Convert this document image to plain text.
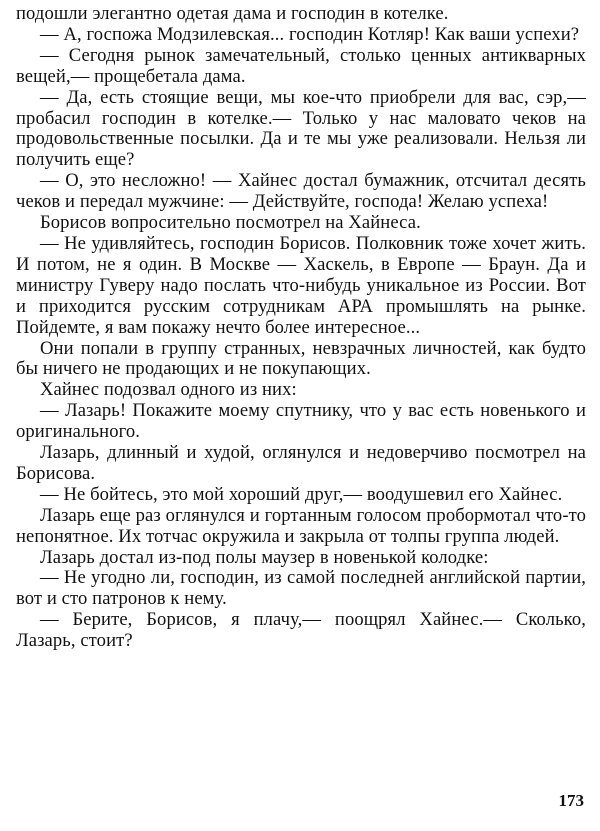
подошли элегантно одетая дама и господин в котелке.

— А, госпожа Модзилевская... господин Котляр! Как ваши успехи?

— Сегодня рынок замечательный, столько ценных антикварных вещей,— прощебетала дама.

— Да, есть стоящие вещи, мы кое-что приобрели для вас, сэр,— пробасил господин в котелке.— Только у нас маловато чеков на продовольственные посылки. Да и те мы уже реализовали. Нельзя ли получить еще?

— О, это несложно! — Хайнес достал бумажник, отсчитал десять чеков и передал мужчине: — Действуйте, господа! Желаю успеха!

Борисов вопросительно посмотрел на Хайнеса.

— Не удивляйтесь, господин Борисов. Полковник тоже хочет жить. И потом, не я один. В Москве — Хаскель, в Европе — Браун. Да и министру Гуверу надо послать что-нибудь уникальное из России. Вот и приходится русским сотрудникам АРА промышлять на рынке. Пойдемте, я вам покажу нечто более интересное...

Они попали в группу странных, невзрачных личностей, как будто бы ничего не продающих и не покупающих.

Хайнес подозвал одного из них:

— Лазарь! Покажите моему спутнику, что у вас есть новенького и оригинального.

Лазарь, длинный и худой, оглянулся и недоверчиво посмотрел на Борисова.

— Не бойтесь, это мой хороший друг,— воодушевил его Хайнес.

Лазарь еще раз оглянулся и гортанным голосом пробормотал что-то непонятное. Их тотчас окружила и закрыла от толпы группа людей.

Лазарь достал из-под полы маузер в новенькой колодке:

— Не угодно ли, господин, из самой последней английской партии, вот и сто патронов к нему.

— Берите, Борисов, я плачу,— поощрял Хайнес.— Сколько, Лазарь, стоит?

173
